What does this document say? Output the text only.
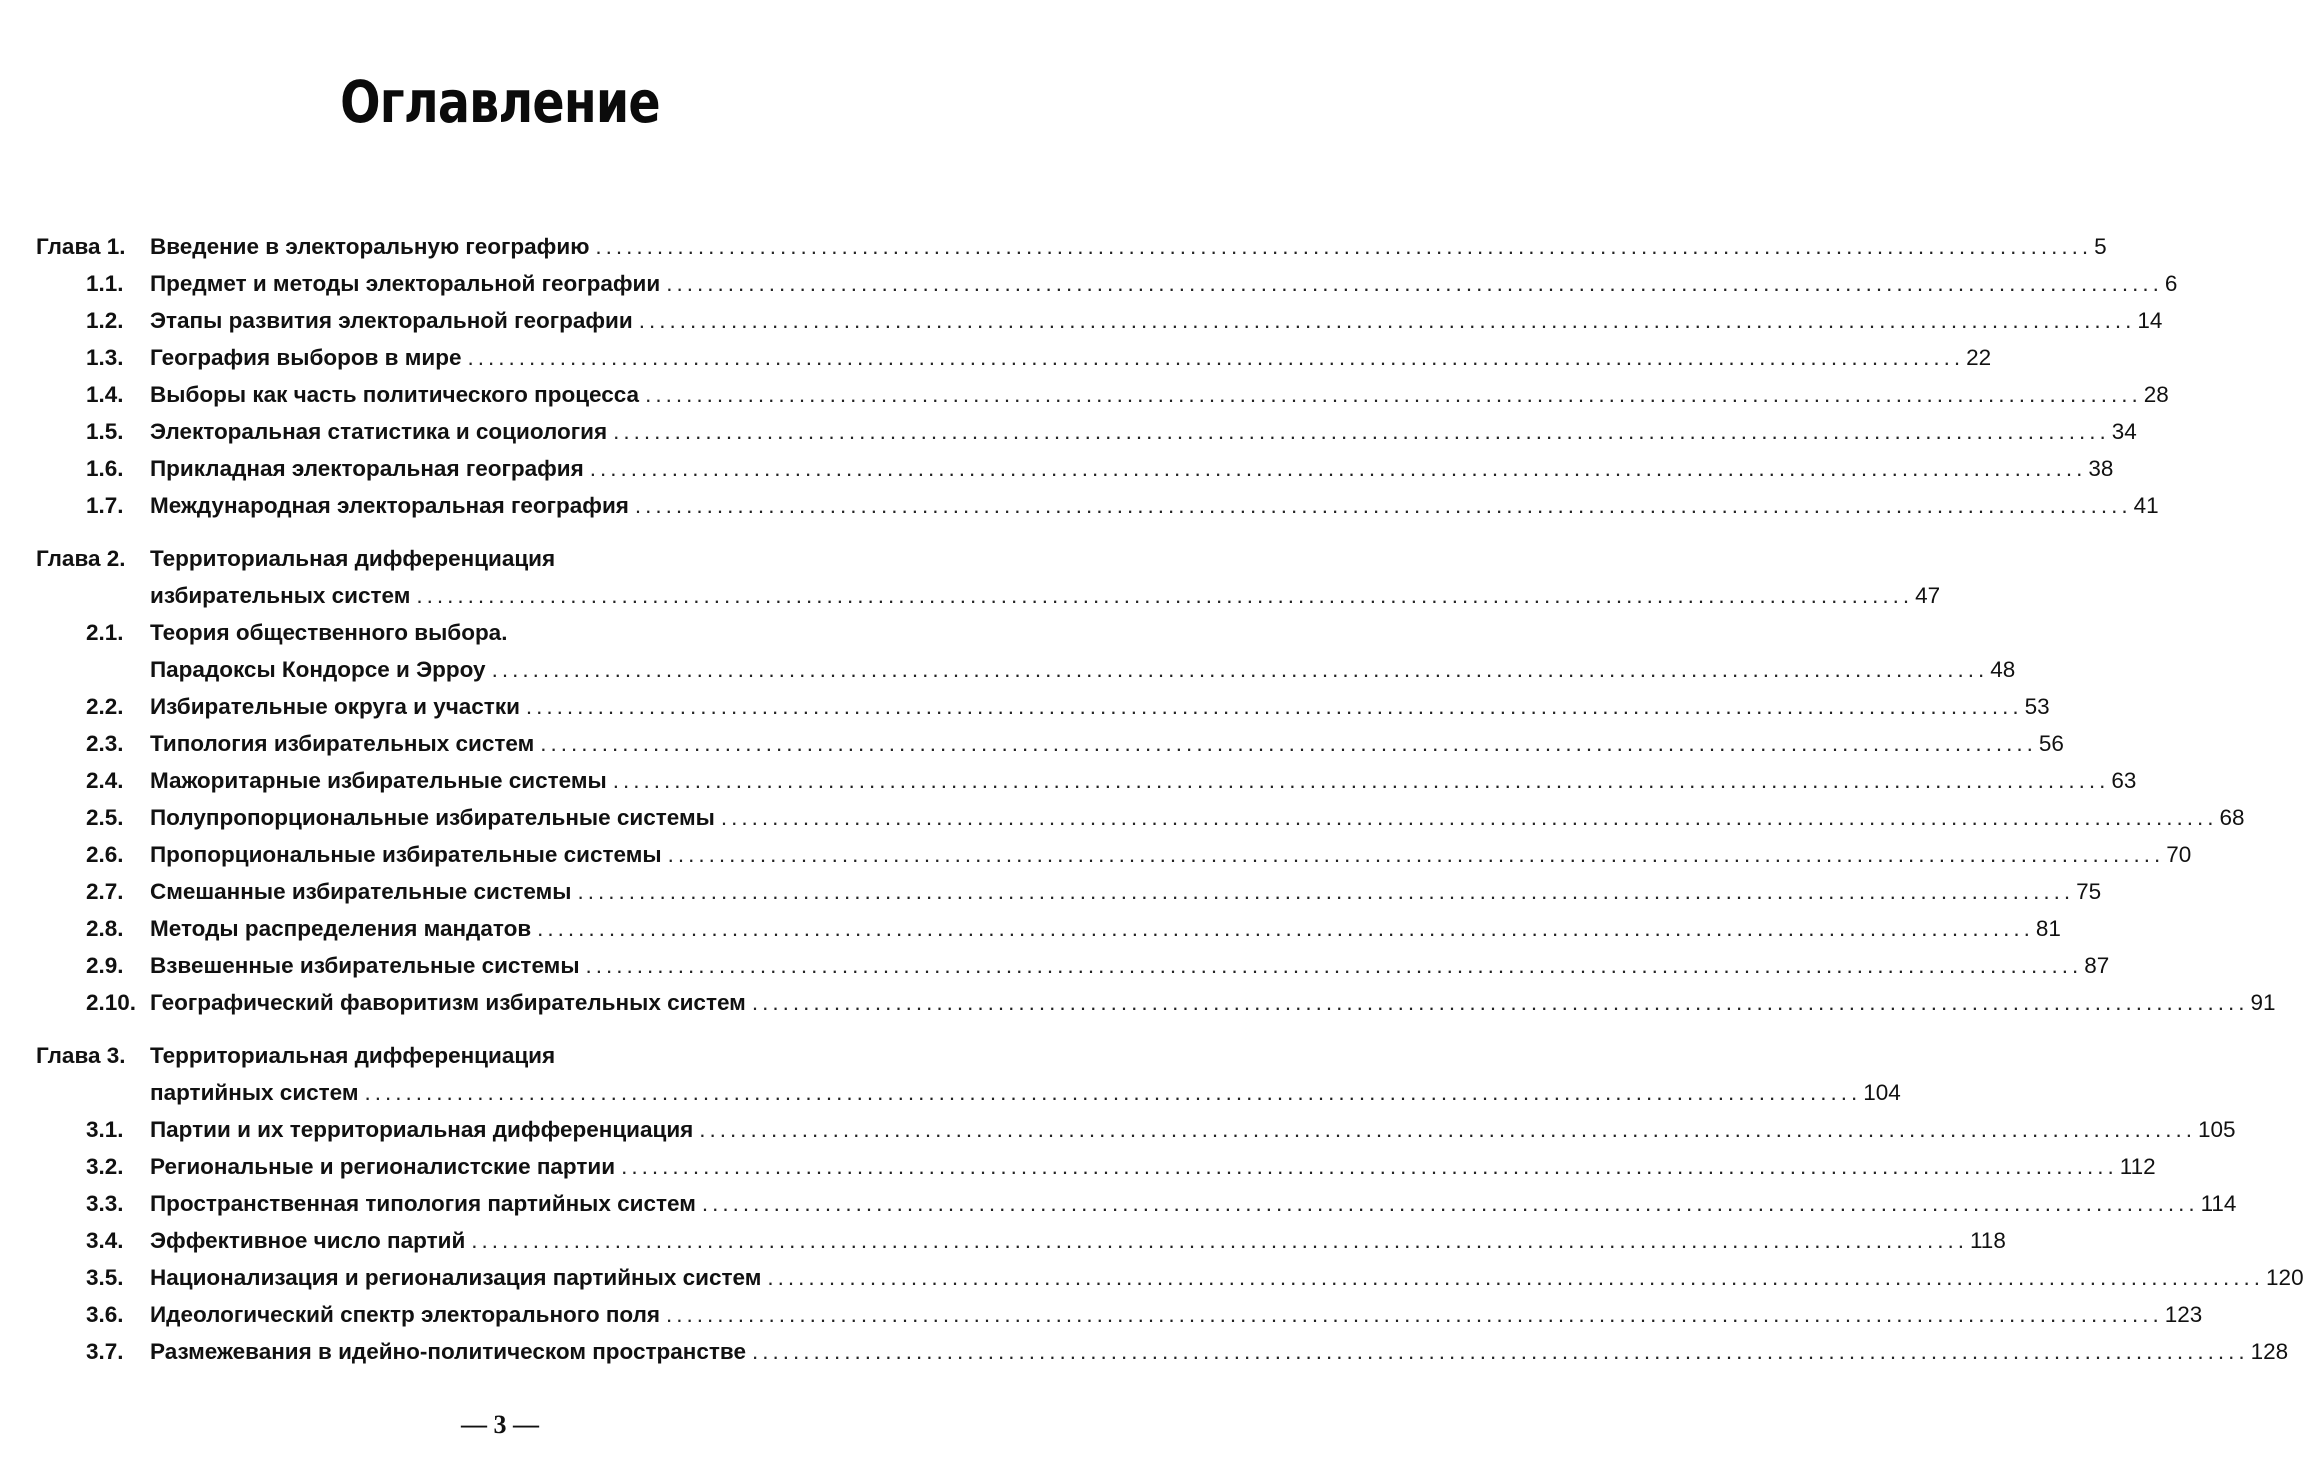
Оглавление
Глава 1.	Введение в электоральную географию .....	5
1.1.	Предмет и методы электоральной географии .....	6
1.2.	Этапы развития электоральной географии .....	14
1.3.	География выборов в мире .....	22
1.4.	Выборы как часть политического процесса .....	28
1.5.	Электоральная статистика и социология .....	34
1.6.	Прикладная электоральная география .....	38
1.7.	Международная электоральная география .....	41
Глава 2.	Территориальная дифференциация
избирательных систем .....	47
2.1.	Теория общественного выбора.
Парадоксы Кондорсе и Эрроу .....	48
2.2.	Избирательные округа и участки .....	53
2.3.	Типология избирательных систем .....	56
2.4.	Мажоритарные избирательные системы .....	63
2.5.	Полупропорциональные избирательные системы .....	68
2.6.	Пропорциональные избирательные системы .....	70
2.7.	Смешанные избирательные системы .....	75
2.8.	Методы распределения мандатов .....	81
2.9.	Взвешенные избирательные системы .....	87
2.10. Географический фаворитизм избирательных систем .....	91
Глава 3.	Территориальная дифференциация
партийных систем .....	104
3.1.	Партии и их территориальная дифференциация .....	105
3.2.	Региональные и регионалистские партии .....	112
3.3.	Пространственная типология партийных систем .....	114
3.4.	Эффективное число партий .....	118
3.5.	Национализация и регионализация партийных систем .....	120
3.6.	Идеологический спектр электорального поля .....	123
3.7.	Размежевания в идейно-политическом пространстве .....	128
— 3 —
